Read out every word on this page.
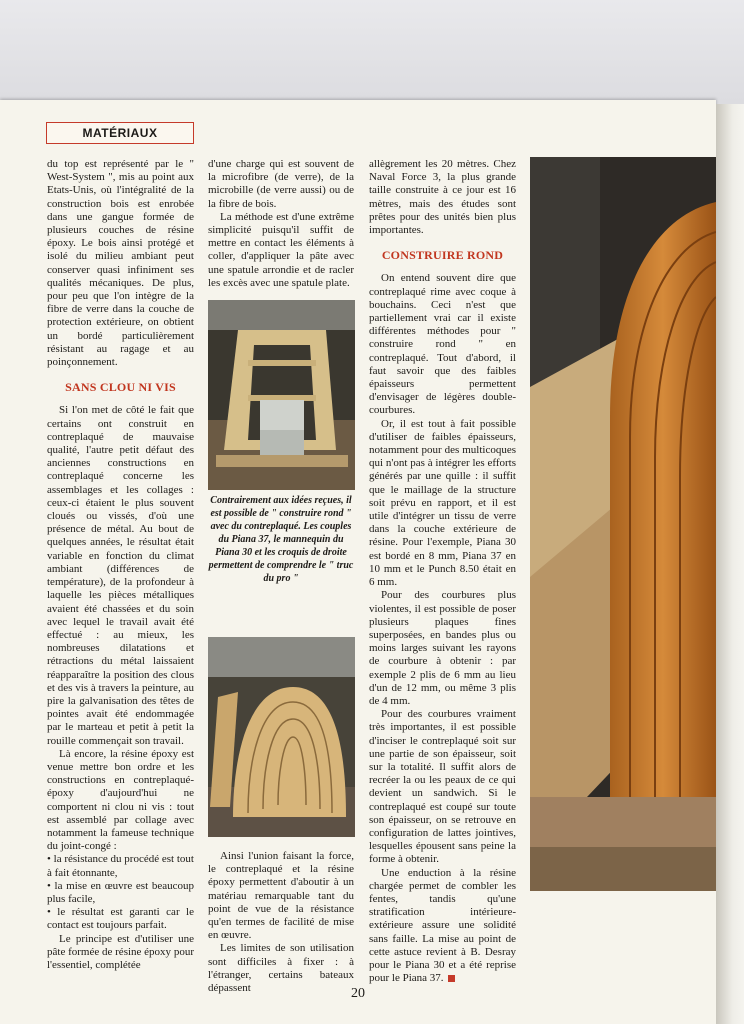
MATÉRIAUX

du top est représenté par le " West-System ", mis au point aux Etats-Unis, où l'intégralité de la construction bois est enrobée dans une gangue formée de plusieurs couches de résine époxy. Le bois ainsi protégé et isolé du milieu ambiant peut conserver quasi infiniment ses qualités mécaniques. De plus, pour peu que l'on intègre de la fibre de verre dans la couche de protection extérieure, on obtient un bordé particulièrement résistant au ragage et au poinçonnement.

SANS CLOU NI VIS

Si l'on met de côté le fait que certains ont construit en contreplaqué de mauvaise qualité, l'autre petit défaut des anciennes constructions en contreplaqué concerne les assemblages et les collages : ceux-ci étaient le plus souvent cloués ou vissés, d'où une présence de métal. Au bout de quelques années, le résultat était variable en fonction du climat ambiant (différences de température), de la profondeur à laquelle les pièces métalliques avaient été chassées et du soin avec lequel le travail avait été effectué : au mieux, les nombreuses dilatations et rétractions du métal laissaient réapparaître la position des clous et des vis à travers la peinture, au pire la galvanisation des têtes de pointes avait été endommagée par le marteau et petit à petit la rouille commençait son travail.

Là encore, la résine époxy est venue mettre bon ordre et les constructions en contreplaqué-époxy d'aujourd'hui ne comportent ni clou ni vis : tout est assemblé par collage avec notamment la fameuse technique du joint-congé :

• la résistance du procédé est tout à fait étonnante,

• la mise en œuvre est beaucoup plus facile,

• le résultat est garanti car le contact est toujours parfait.

Le principe est d'utiliser une pâte formée de résine époxy pour l'essentiel, complétée

d'une charge qui est souvent de la microfibre (de verre), de la microbille (de verre aussi) ou de la fibre de bois.

La méthode est d'une extrême simplicité puisqu'il suffit de mettre en contact les éléments à coller, d'appliquer la pâte avec une spatule arrondie et de racler les excès avec une spatule plate.

Contrairement aux idées reçues, il est possible de " construire rond " avec du contreplaqué. Les couples du Piana 37, le mannequin du Piana 30 et les croquis de droite permettent de comprendre le " truc du pro "

Ainsi l'union faisant la force, le contreplaqué et la résine époxy permettent d'aboutir à un matériau remarquable tant du point de vue de la résistance qu'en termes de facilité de mise en œuvre.

Les limites de son utilisation sont difficiles à fixer : à l'étranger, certains bateaux dépassent

allègrement les 20 mètres. Chez Naval Force 3, la plus grande taille construite à ce jour est 16 mètres, mais des études sont prêtes pour des unités bien plus importantes.

CONSTRUIRE ROND

On entend souvent dire que contreplaqué rime avec coque à bouchains. Ceci n'est que partiellement vrai car il existe différentes méthodes pour " construire rond " en contreplaqué. Tout d'abord, il faut savoir que des faibles épaisseurs permettent d'envisager de légères double-courbures.

Or, il est tout à fait possible d'utiliser de faibles épaisseurs, notamment pour des multicoques qui n'ont pas à intégrer les efforts générés par une quille : il suffit que le maillage de la structure soit prévu en rapport, et il est utile d'intégrer un tissu de verre dans la couche extérieure de résine. Pour l'exemple, Piana 30 est bordé en 8 mm, Piana 37 en 10 mm et le Punch 8.50 était en 6 mm.

Pour des courbures plus violentes, il est possible de poser plusieurs plaques fines superposées, en bandes plus ou moins larges suivant les rayons de courbure à obtenir : par exemple 2 plis de 6 mm au lieu d'un de 12 mm, ou même 3 plis de 4 mm.

Pour des courbures vraiment très importantes, il est possible d'inciser le contreplaqué soit sur une partie de son épaisseur, soit sur la totalité. Il suffit alors de recréer la ou les peaux de ce qui devient un sandwich. Si le contreplaqué est coupé sur toute son épaisseur, on se retrouve en configuration de lattes jointives, lesquelles épousent sans peine la forme à obtenir.

Une enduction à la résine chargée permet de combler les fentes, tandis qu'une stratification intérieure-extérieure assure une solidité sans faille. La mise au point de cette astuce revient à B. Desray pour le Piana 30 et a été reprise pour le Piana 37.

20
